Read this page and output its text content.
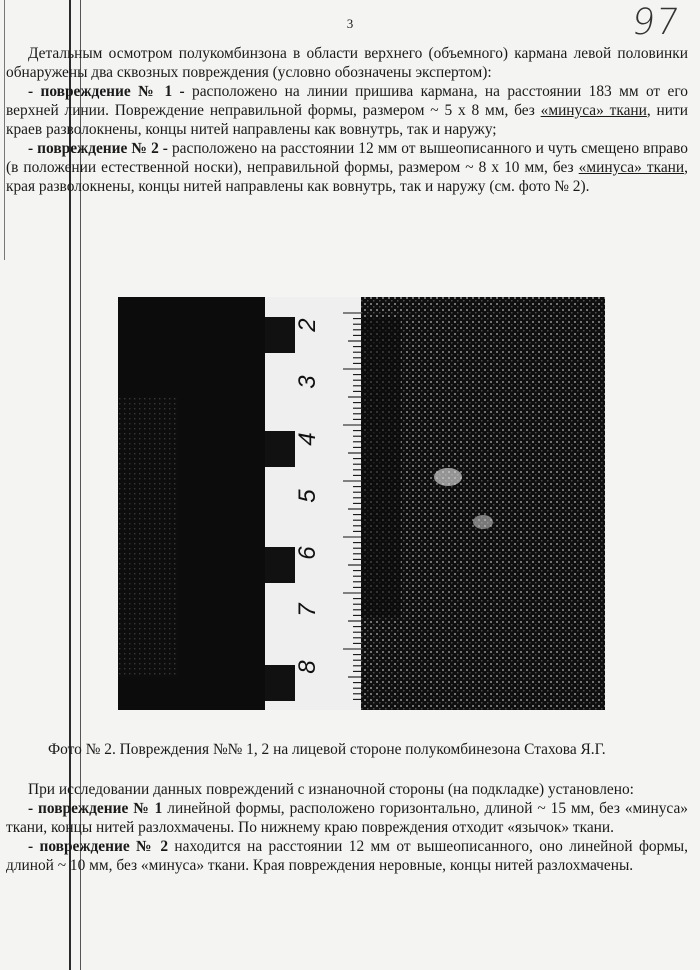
3	97

Детальным осмотром полукомбинзона в области верхнего (объемного) кармана левой половинки обнаружены два сквозных повреждения (условно обозначены экспертом):

- повреждение № 1 - расположено на линии пришива кармана, на расстоянии 183 мм от его верхней линии. Повреждение неправильной формы, размером ~ 5 х 8 мм, без «минуса» ткани, нити краев разволокнены, концы нитей направлены как вовнутрь, так и наружу;

- повреждение № 2 - расположено на расстоянии 12 мм от вышеописанного и чуть смещено вправо (в положении естественной носки), неправильной формы, размером ~ 8 х 10 мм, без «минуса» ткани, края разволокнены, концы нитей направлены как вовнутрь, так и наружу (см. фото № 2).

2
3
4
5
6
7
8
Фото № 2. Повреждения №№ 1, 2 на лицевой стороне полукомбинезона Стахова Я.Г.

При исследовании данных повреждений с изнаночной стороны (на подкладке) установлено:

- повреждение № 1 линейной формы, расположено горизонтально, длиной ~ 15 мм, без «минуса» ткани, концы нитей разлохмачены. По нижнему краю повреждения отходит «язычок» ткани.

- повреждение № 2 находится на расстоянии 12 мм от вышеописанного, оно линейной формы, длиной ~ 10 мм, без «минуса» ткани. Края повреждения неровные, концы нитей разлохмачены.
